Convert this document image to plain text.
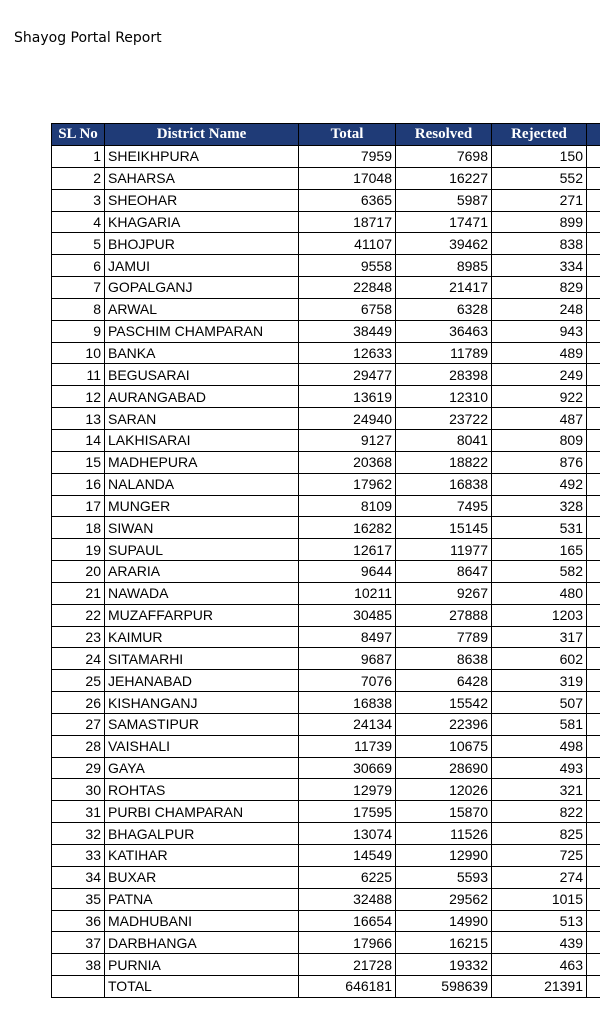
Shayog Portal Report
SL No	District Name	Total	Resolved	Rejected	
1	SHEIKHPURA	7959	7698	150	
2	SAHARSA	17048	16227	552	
3	SHEOHAR	6365	5987	271	
4	KHAGARIA	18717	17471	899	
5	BHOJPUR	41107	39462	838	
6	JAMUI	9558	8985	334	
7	GOPALGANJ	22848	21417	829	
8	ARWAL	6758	6328	248	
9	PASCHIM CHAMPARAN	38449	36463	943	
10	BANKA	12633	11789	489	
11	BEGUSARAI	29477	28398	249	
12	AURANGABAD	13619	12310	922	
13	SARAN	24940	23722	487	
14	LAKHISARAI	9127	8041	809	
15	MADHEPURA	20368	18822	876	
16	NALANDA	17962	16838	492	
17	MUNGER	8109	7495	328	
18	SIWAN	16282	15145	531	
19	SUPAUL	12617	11977	165	
20	ARARIA	9644	8647	582	
21	NAWADA	10211	9267	480	
22	MUZAFFARPUR	30485	27888	1203	
23	KAIMUR	8497	7789	317	
24	SITAMARHI	9687	8638	602	
25	JEHANABAD	7076	6428	319	
26	KISHANGANJ	16838	15542	507	
27	SAMASTIPUR	24134	22396	581	
28	VAISHALI	11739	10675	498	
29	GAYA	30669	28690	493	
30	ROHTAS	12979	12026	321	
31	PURBI CHAMPARAN	17595	15870	822	
32	BHAGALPUR	13074	11526	825	
33	KATIHAR	14549	12990	725	
34	BUXAR	6225	5593	274	
35	PATNA	32488	29562	1015	
36	MADHUBANI	16654	14990	513	
37	DARBHANGA	17966	16215	439	
38	PURNIA	21728	19332	463	
	TOTAL	646181	598639	21391	
